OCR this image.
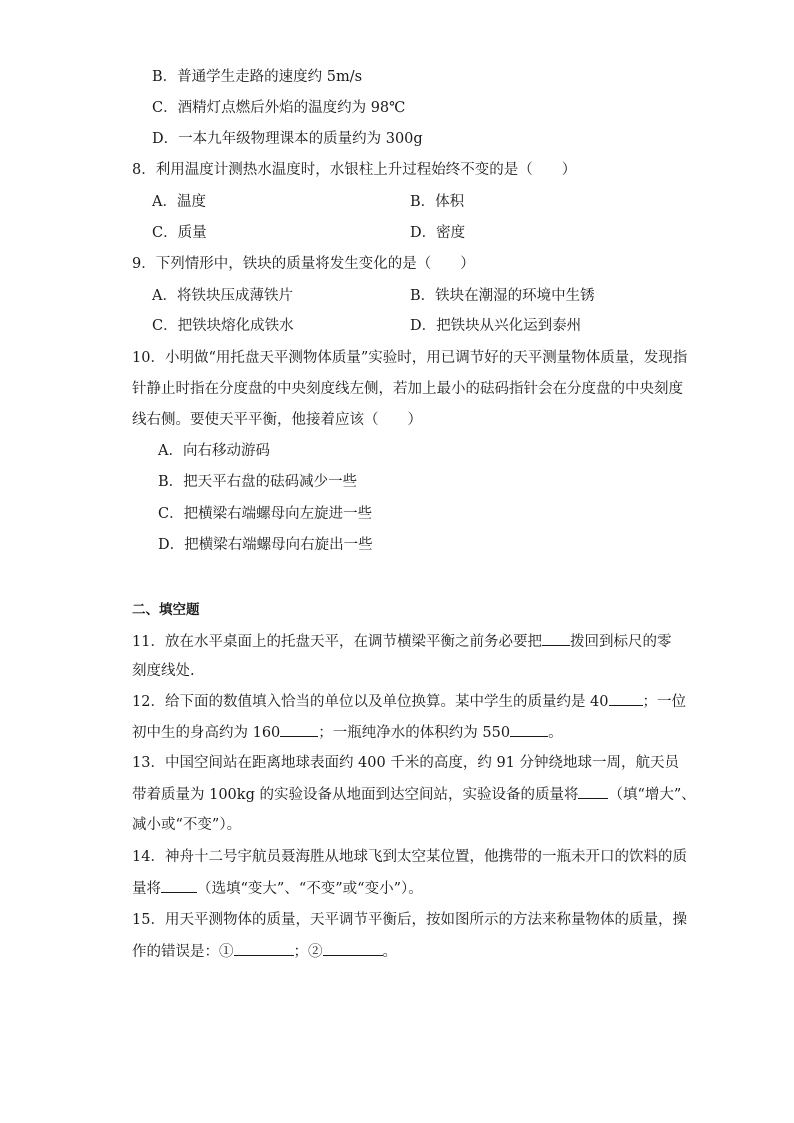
B．普通学生走路的速度约 5m/s
C．酒精灯点燃后外焰的温度约为 98℃
D．一本九年级物理课本的质量约为 300g
8．利用温度计测热水温度时，水银柱上升过程始终不变的是（　　）
A．温度	B．体积
C．质量	D．密度
9．下列情形中，铁块的质量将发生变化的是（　　）
A．将铁块压成薄铁片	B．铁块在潮湿的环境中生锈
C．把铁块熔化成铁水	D．把铁块从兴化运到泰州
10．小明做“用托盘天平测物体质量”实验时，用已调节好的天平测量物体质量，发现指
针静止时指在分度盘的中央刻度线左侧，若加上最小的砝码指针会在分度盘的中央刻度
线右侧。要使天平平衡，他接着应该（　　）
A．向右移动游码
B．把天平右盘的砝码减少一些
C．把横梁右端螺母向左旋进一些
D．把横梁右端螺母向右旋出一些
二、填空题
11．放在水平桌面上的托盘天平，在调节横梁平衡之前务必要把 拨回到标尺的零
刻度线处.
12．给下面的数值填入恰当的单位以及单位换算。某中学生的质量约是 40 ；一位
初中生的身高约为 160	；一瓶纯净水的体积约为 550	。
13．中国空间站在距离地球表面约 400 千米的高度，约 91 分钟绕地球一周，航天员
带着质量为 100kg 的实验设备从地面到达空间站，实验设备的质量将 （填“增大”、
减小或“不变”）。
14．神舟十二号宇航员聂海胜从地球飞到太空某位置，他携带的一瓶未开口的饮料的质
量将 （选填“变大”、“不变”或“变小”）。
15．用天平测物体的质量，天平调节平衡后，按如图所示的方法来称量物体的质量，操
作的错误是：①	；②	。
